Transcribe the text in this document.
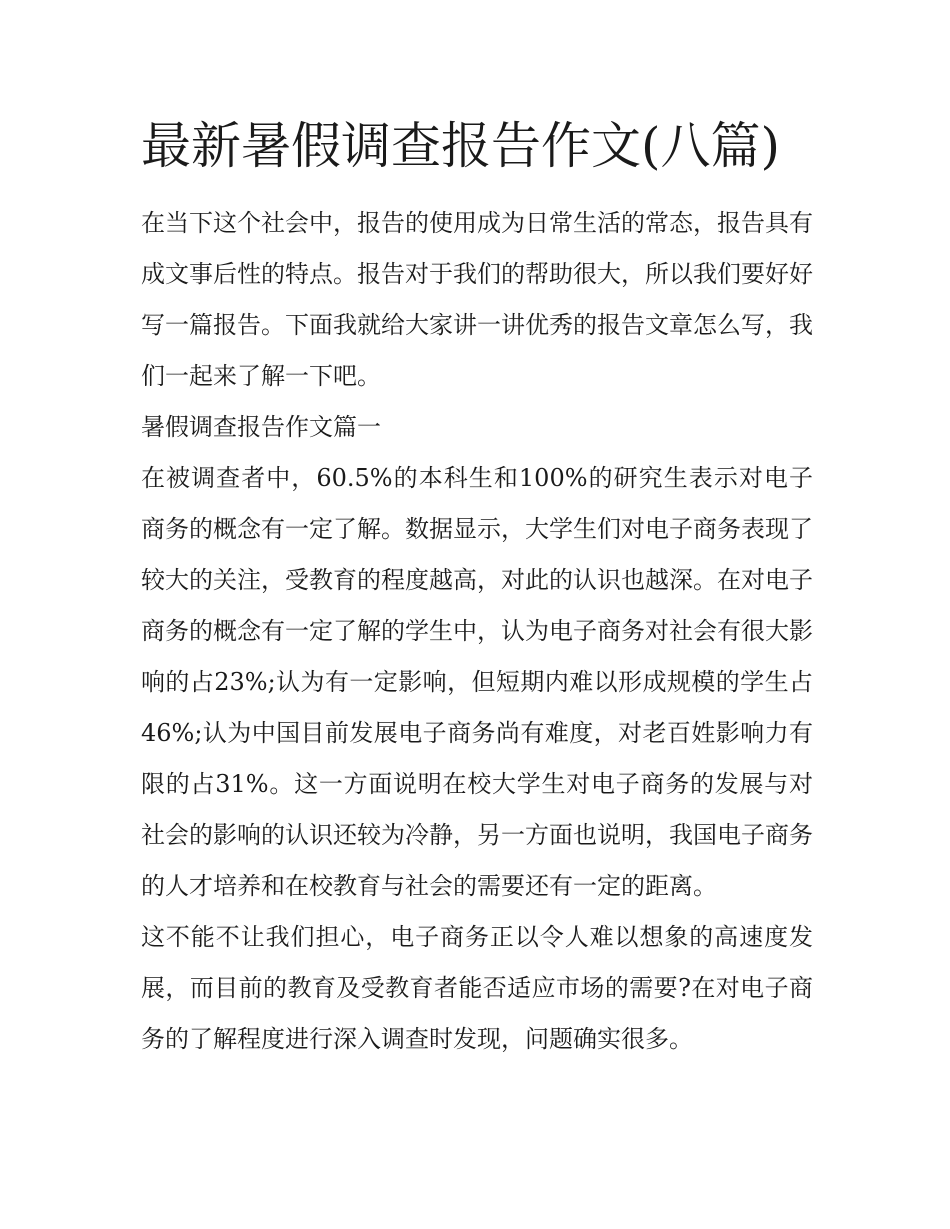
最新暑假调查报告作文(八篇)

在当下这个社会中，报告的使用成为日常生活的常态，报告具有成文事后性的特点。报告对于我们的帮助很大，所以我们要好好写一篇报告。下面我就给大家讲一讲优秀的报告文章怎么写，我们一起来了解一下吧。

暑假调查报告作文篇一

在被调查者中，60.5%的本科生和100%的研究生表示对电子商务的概念有一定了解。数据显示，大学生们对电子商务表现了较大的关注，受教育的程度越高，对此的认识也越深。在对电子商务的概念有一定了解的学生中，认为电子商务对社会有很大影响的占23%;认为有一定影响，但短期内难以形成规模的学生占46%;认为中国目前发展电子商务尚有难度，对老百姓影响力有限的占31%。这一方面说明在校大学生对电子商务的发展与对社会的影响的认识还较为冷静，另一方面也说明，我国电子商务的人才培养和在校教育与社会的需要还有一定的距离。

这不能不让我们担心，电子商务正以令人难以想象的高速度发展，而目前的教育及受教育者能否适应市场的需要?在对电子商务的了解程度进行深入调查时发现，问题确实很多。
